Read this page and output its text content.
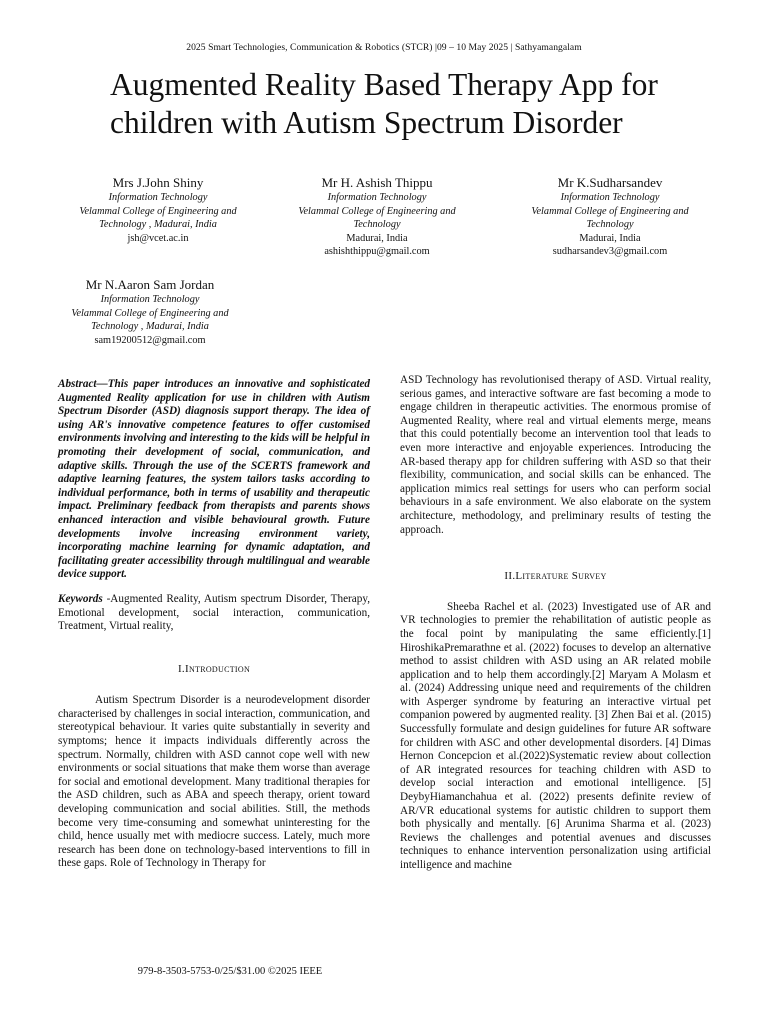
2025 Smart Technologies, Communication & Robotics (STCR) |09 – 10 May 2025 | Sathyamangalam
Augmented Reality Based Therapy App for children with Autism Spectrum Disorder
Mrs J.John Shiny
Information Technology
Velammal College of Engineering and
Technology , Madurai, India
jsh@vcet.ac.in
Mr H. Ashish Thippu
Information Technology
Velammal College of Engineering and
Technology
Madurai, India
ashishthippu@gmail.com
Mr K.Sudharsandev
Information Technology
Velammal College of Engineering and
Technology
Madurai, India
sudharsandev3@gmail.com
Mr N.Aaron Sam Jordan
Information Technology
Velammal College of Engineering and
Technology , Madurai, India
sam19200512@gmail.com

Abstract—This paper introduces an innovative and sophisticated Augmented Reality application for use in children with Autism Spectrum Disorder (ASD) diagnosis support therapy. The idea of using AR's innovative competence features to offer customised environments involving and interesting to the kids will be helpful in promoting their development of social, communication, and adaptive skills. Through the use of the SCERTS framework and adaptive learning features, the system tailors tasks according to individual performance, both in terms of usability and therapeutic impact. Preliminary feedback from therapists and parents shows enhanced interaction and visible behavioural growth. Future developments involve increasing environment variety, incorporating machine learning for dynamic adaptation, and facilitating greater accessibility through multilingual and wearable device support.

Keywords -Augmented Reality, Autism spectrum Disorder, Therapy, Emotional development, social interaction, communication, Treatment, Virtual reality,

I.Introduction

Autism Spectrum Disorder is a neurodevelopment disorder characterised by challenges in social interaction, communication, and stereotypical behaviour. It varies quite substantially in severity and symptoms; hence it impacts individuals differently across the spectrum. Normally, children with ASD cannot cope well with new environments or social situations that make them worse than average for social and emotional development. Many traditional therapies for the ASD children, such as ABA and speech therapy, orient toward developing communication and social abilities. Still, the methods become very time-consuming and somewhat uninteresting for the child, hence usually met with mediocre success. Lately, much more research has been done on technology-based interventions to fill in these gaps. Role of Technology in Therapy for

ASD Technology has revolutionised therapy of ASD. Virtual reality, serious games, and interactive software are fast becoming a mode to engage children in therapeutic activities. The enormous promise of Augmented Reality, where real and virtual elements merge, means that this could potentially become an intervention tool that leads to even more interactive and enjoyable experiences. Introducing the AR-based therapy app for children suffering with ASD so that their flexibility, communication, and social skills can be enhanced. The application mimics real settings for users who can perform social behaviours in a safe environment. We also elaborate on the system architecture, methodology, and preliminary results of testing the approach.

II.Literature Survey

Sheeba Rachel et al. (2023) Investigated use of AR and VR technologies to premier the rehabilitation of autistic people as the focal point by manipulating the same efficiently.[1] HiroshikaPremarathne et al. (2022) focuses to develop an alternative method to assist children with ASD using an AR related mobile application and to help them accordingly.[2] Maryam A Molasm et al. (2024) Addressing unique need and requirements of the children with Asperger syndrome by featuring an interactive virtual pet companion powered by augmented reality. [3] Zhen Bai et al. (2015) Successfully formulate and design guidelines for future AR software for children with ASC and other developmental disorders. [4] Dimas Hernon Concepcion et al.(2022)Systematic review about collection of AR integrated resources for teaching children with ASD to develop social interaction and emotional intelligence. [5] DeybyHiamanchahua et al. (2022) presents definite review of AR/VR educational systems for autistic children to support them both physically and mentally. [6] Arunima Sharma et al. (2023) Reviews the challenges and potential avenues and discusses techniques to enhance intervention personalization using artificial intelligence and machine

979-8-3503-5753-0/25/$31.00 ©2025 IEEE
